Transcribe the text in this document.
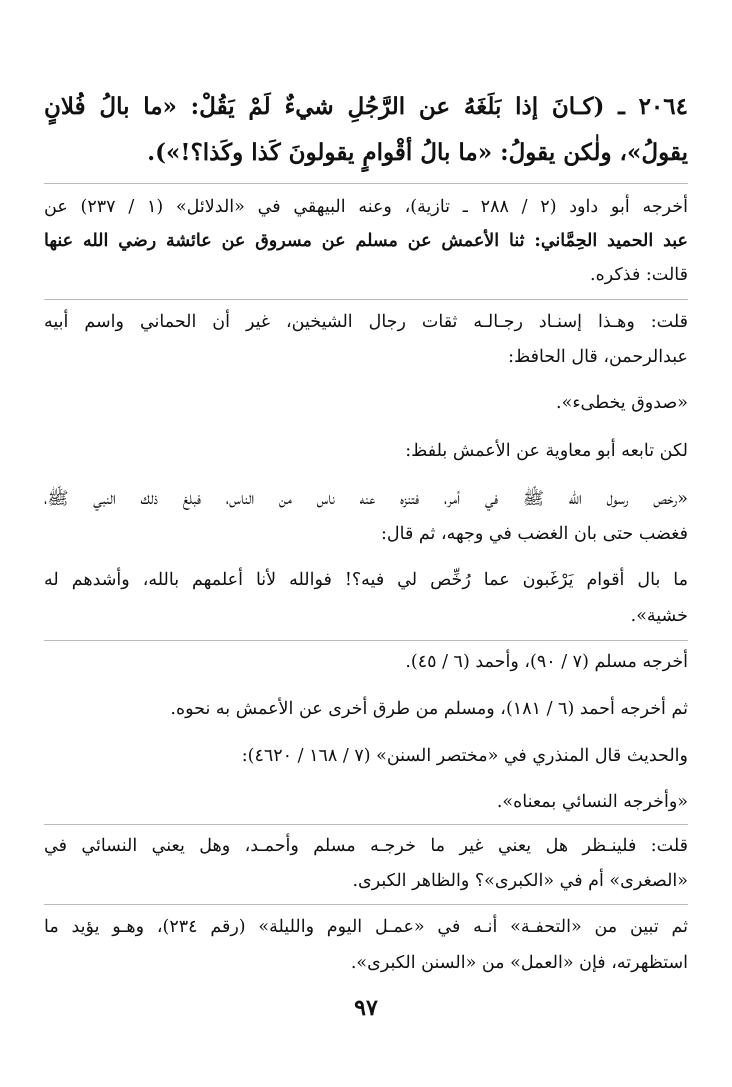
٢٠٦٤ ـ (كـانَ إذا بَلَغَهُ عن الرَّجُلِ شيءٌ لَمْ يَقُلْ: «ما بالُ فُلانٍ
يقولُ»، ولٰكن يقولُ: «ما بالُ أقْوامٍ يقولونَ كَذا وكَذا؟!»).
أخرجه أبو داود (٢ / ٢٨٨ ـ تازية)، وعنه البيهقي في «الدلائل» (١ / ٢٣٧) عن
عبد الحميد الحِمَّاني: ثنا الأعمش عن مسلم عن مسروق عن عائشة رضي الله عنها
قالت: فذكره.
قلت: وهـذا إسنـاد رجـالـه ثقات رجال الشيخين، غير أن الحماني واسم أبيه
عبدالرحمن، قال الحافظ:
«صدوق يخطىء».
لكن تابعه أبو معاوية عن الأعمش بلفظ:
«رخص رسول الله ﷺ في أمر، فتنزه عنه ناس من الناس، فبلغ ذلك النبي ﷺ،
فغضب حتى بان الغضب في وجهه، ثم قال:
ما بال أقوام يَرْغَبون عما رُخِّص لي فيه؟! فوالله لأنا أعلمهم بالله، وأشدهم له
خشية».
أخرجه مسلم (٧ / ٩٠)، وأحمد (٦ / ٤٥).
ثم أخرجه أحمد (٦ / ١٨١)، ومسلم من طرق أخرى عن الأعمش به نحوه.
والحديث قال المنذري في «مختصر السنن» (٧ / ١٦٨ / ٤٦٢٠):
«وأخرجه النسائي بمعناه».
قلت: فلينـظر هل يعني غير ما خرجـه مسلم وأحمـد، وهل يعني النسائي في
«الصغرى» أم في «الكبرى»؟ والظاهر الكبرى.
ثم تبين من «التحفـة» أنـه في «عمـل اليوم والليلة» (رقم ٢٣٤)، وهـو يؤيد ما
استظهرته، فإن «العمل» من «السنن الكبرى».
٩٧
